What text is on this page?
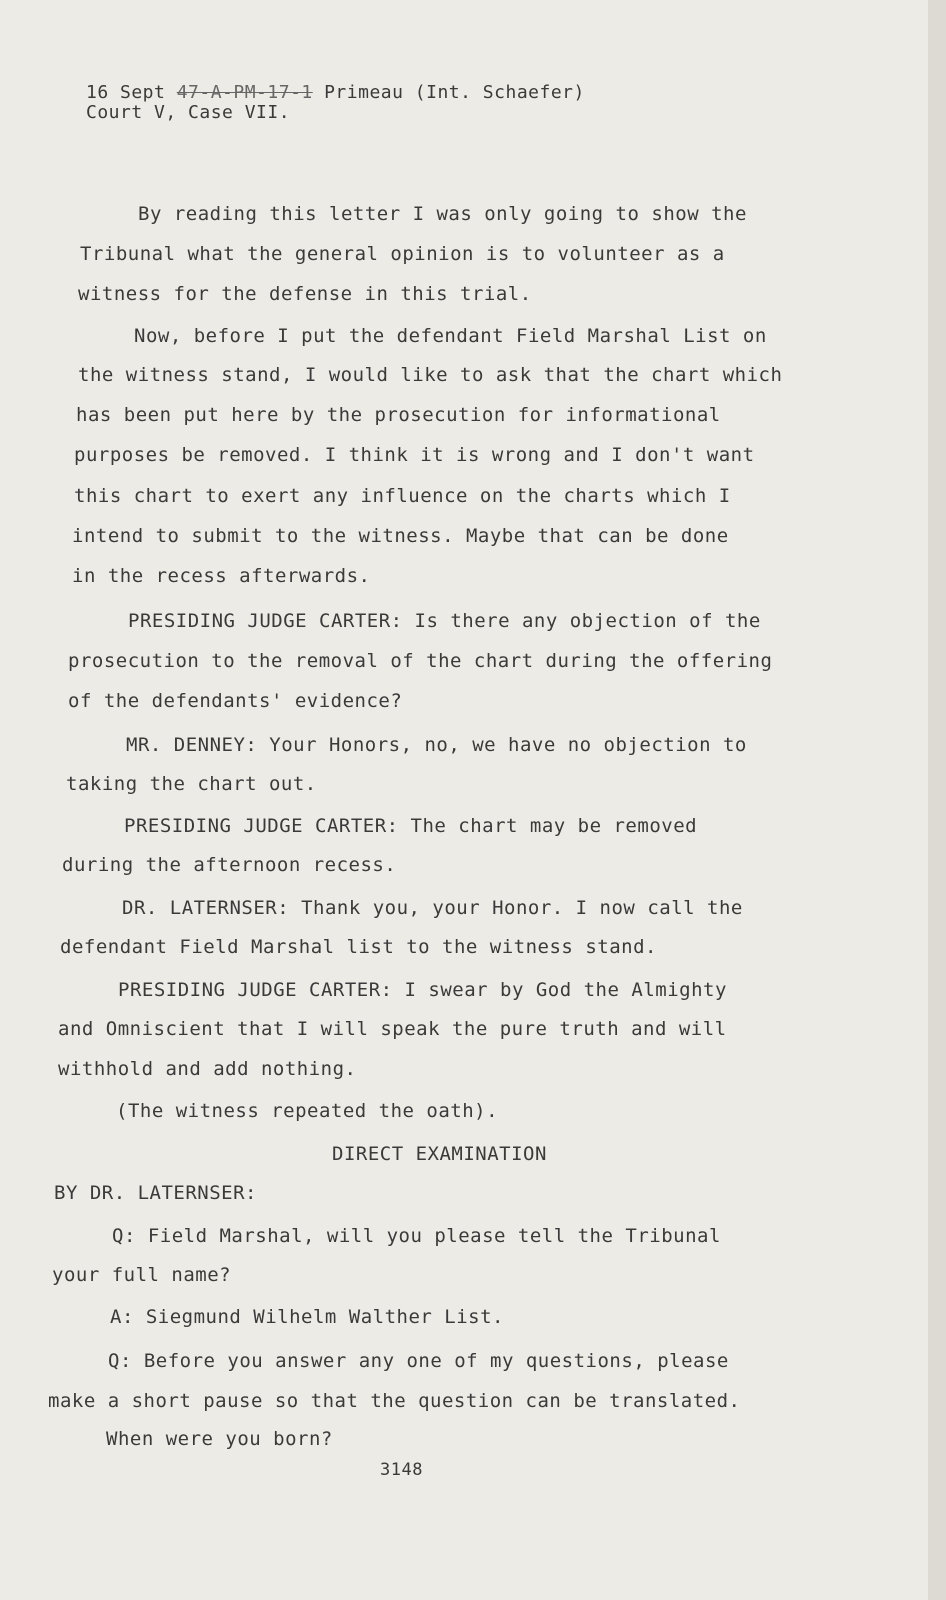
16 Sept 47-A-PM-17-1 Primeau (Int. Schaefer)
Court V, Case VII.
By reading this letter I was only going to show the
Tribunal what the general opinion is to volunteer as a
witness for the defense in this trial.
Now, before I put the defendant Field Marshal List on
the witness stand, I would like to ask that the chart which
has been put here by the prosecution for informational
purposes be removed. I think it is wrong and I don't want
this chart to exert any influence on the charts which I
intend to submit to the witness. Maybe that can be done
in the recess afterwards.
PRESIDING JUDGE CARTER: Is there any objection of the
prosecution to the removal of the chart during the offering
of the defendants' evidence?
MR. DENNEY: Your Honors, no, we have no objection to
taking the chart out.
PRESIDING JUDGE CARTER: The chart may be removed
during the afternoon recess.
DR. LATERNSER: Thank you, your Honor. I now call the
defendant Field Marshal list to the witness stand.
PRESIDING JUDGE CARTER: I swear by God the Almighty
and Omniscient that I will speak the pure truth and will
withhold and add nothing.
(The witness repeated the oath).
DIRECT EXAMINATION
BY DR. LATERNSER:
Q: Field Marshal, will you please tell the Tribunal
your full name?
A: Siegmund Wilhelm Walther List.
Q: Before you answer any one of my questions, please
make a short pause so that the question can be translated.
When were you born?
3148
